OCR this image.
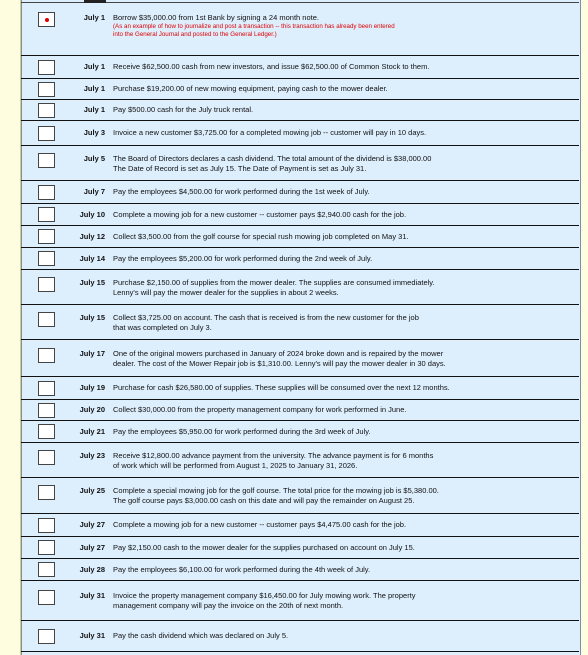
July 1 Borrow $35,000.00 from 1st Bank by signing a 24 month note.
(As an example of how to journalize and post a transaction -- this transaction has already been entered
into the General Journal and posted to the General Ledger.)
July 1 Receive $62,500.00 cash from new investors, and issue $62,500.00 of Common Stock to them.
July 1 Purchase $19,200.00 of new mowing equipment, paying cash to the mower dealer.
July 1 Pay $500.00 cash for the July truck rental.
July 3 Invoice a new customer $3,725.00 for a completed mowing job -- customer will pay in 10 days.
July 5 The Board of Directors declares a cash dividend. The total amount of the dividend is $38,000.00
The Date of Record is set as July 15. The Date of Payment is set as July 31.
July 7 Pay the employees $4,500.00 for work performed during the 1st week of July.
July 10 Complete a mowing job for a new customer -- customer pays $2,940.00 cash for the job.
July 12 Collect $3,500.00 from the golf course for special rush mowing job completed on May 31.
July 14 Pay the employees $5,200.00 for work performed during the 2nd week of July.
July 15 Purchase $2,150.00 of supplies from the mower dealer. The supplies are consumed immediately.
Lenny's will pay the mower dealer for the supplies in about 2 weeks.
July 15 Collect $3,725.00 on account. The cash that is received is from the new customer for the job
that was completed on July 3.
July 17 One of the original mowers purchased in January of 2024 broke down and is repaired by the mower
dealer. The cost of the Mower Repair job is $1,310.00. Lenny's will pay the mower dealer in 30 days.
July 19 Purchase for cash $26,580.00 of supplies. These supplies will be consumed over the next 12 months.
July 20 Collect $30,000.00 from the property management company for work performed in June.
July 21 Pay the employees $5,950.00 for work performed during the 3rd week of July.
July 23 Receive $12,800.00 advance payment from the university. The advance payment is for 6 months
of work which will be performed from August 1, 2025 to January 31, 2026.
July 25 Complete a special mowing job for the golf course. The total price for the mowing job is $5,380.00.
The golf course pays $3,000.00 cash on this date and will pay the remainder on August 25.
July 27 Complete a mowing job for a new customer -- customer pays $4,475.00 cash for the job.
July 27 Pay $2,150.00 cash to the mower dealer for the supplies purchased on account on July 15.
July 28 Pay the employees $6,100.00 for work performed during the 4th week of July.
July 31 Invoice the property management company $16,450.00 for July mowing work. The property
management company will pay the invoice on the 20th of next month.
July 31 Pay the cash dividend which was declared on July 5.
